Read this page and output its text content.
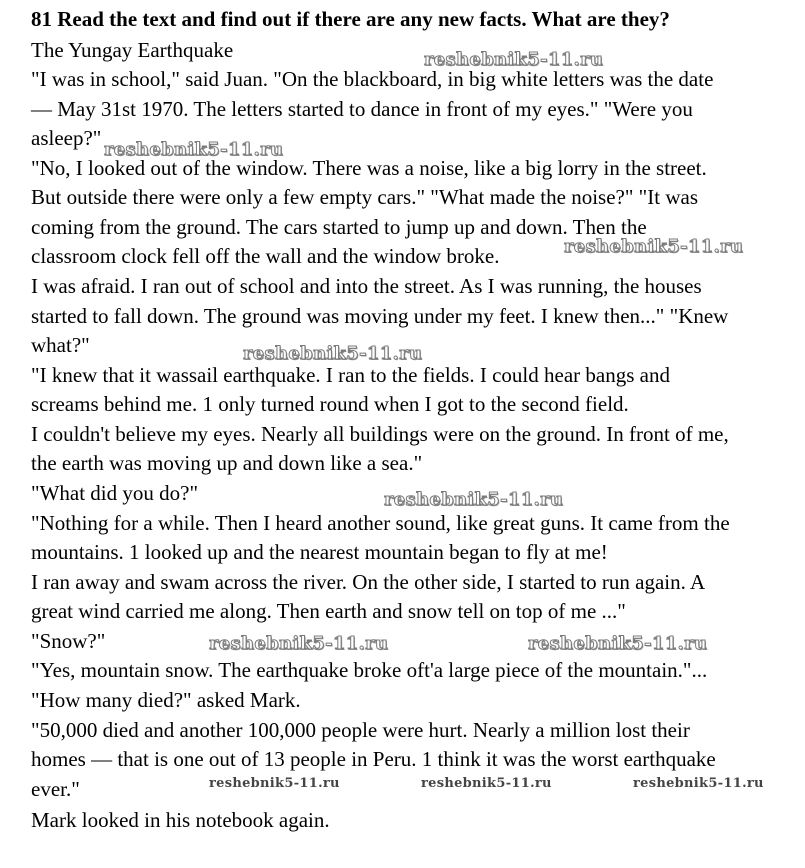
81 Read the text and find out if there are any new facts. What are they?
The Yungay Earthquake
"I was in school," said Juan. "On the blackboard, in big white letters was the date
— May 31st 1970. The letters started to dance in front of my eyes." "Were you
asleep?"
"No, I looked out of the window. There was a noise, like a big lorry in the street.
But outside there were only a few empty cars." "What made the noise?" "It was
coming from the ground. The cars started to jump up and down. Then the
classroom clock fell off the wall and the window broke.
I was afraid. I ran out of school and into the street. As I was running, the houses
started to fall down. The ground was moving under my feet. I knew then..." "Knew
what?"
"I knew that it wassail earthquake. I ran to the fields. I could hear bangs and
screams behind me. 1 only turned round when I got to the second field.
I couldn't believe my eyes. Nearly all buildings were on the ground. In front of me,
the earth was moving up and down like a sea."
"What did you do?"
"Nothing for a while. Then I heard another sound, like great guns. It came from the
mountains. 1 looked up and the nearest mountain began to fly at me!
I ran away and swam across the river. On the other side, I started to run again. A
great wind carried me along. Then earth and snow tell on top of me ..."
"Snow?"
"Yes, mountain snow. The earthquake broke oft'a large piece of the mountain."...
"How many died?" asked Mark.
"50,000 died and another 100,000 people were hurt. Nearly a million lost their
homes — that is one out of 13 people in Peru. 1 think it was the worst earthquake
ever."
Mark looked in his notebook again.
reshebnik5-11.ru
reshebnik5-11.ru
reshebnik5-11.ru
reshebnik5-11.ru
reshebnik5-11.ru
reshebnik5-11.ru	reshebnik5-11.ru
reshebnik5-11.ru	reshebnik5-11.ru	reshebnik5-11.ru
